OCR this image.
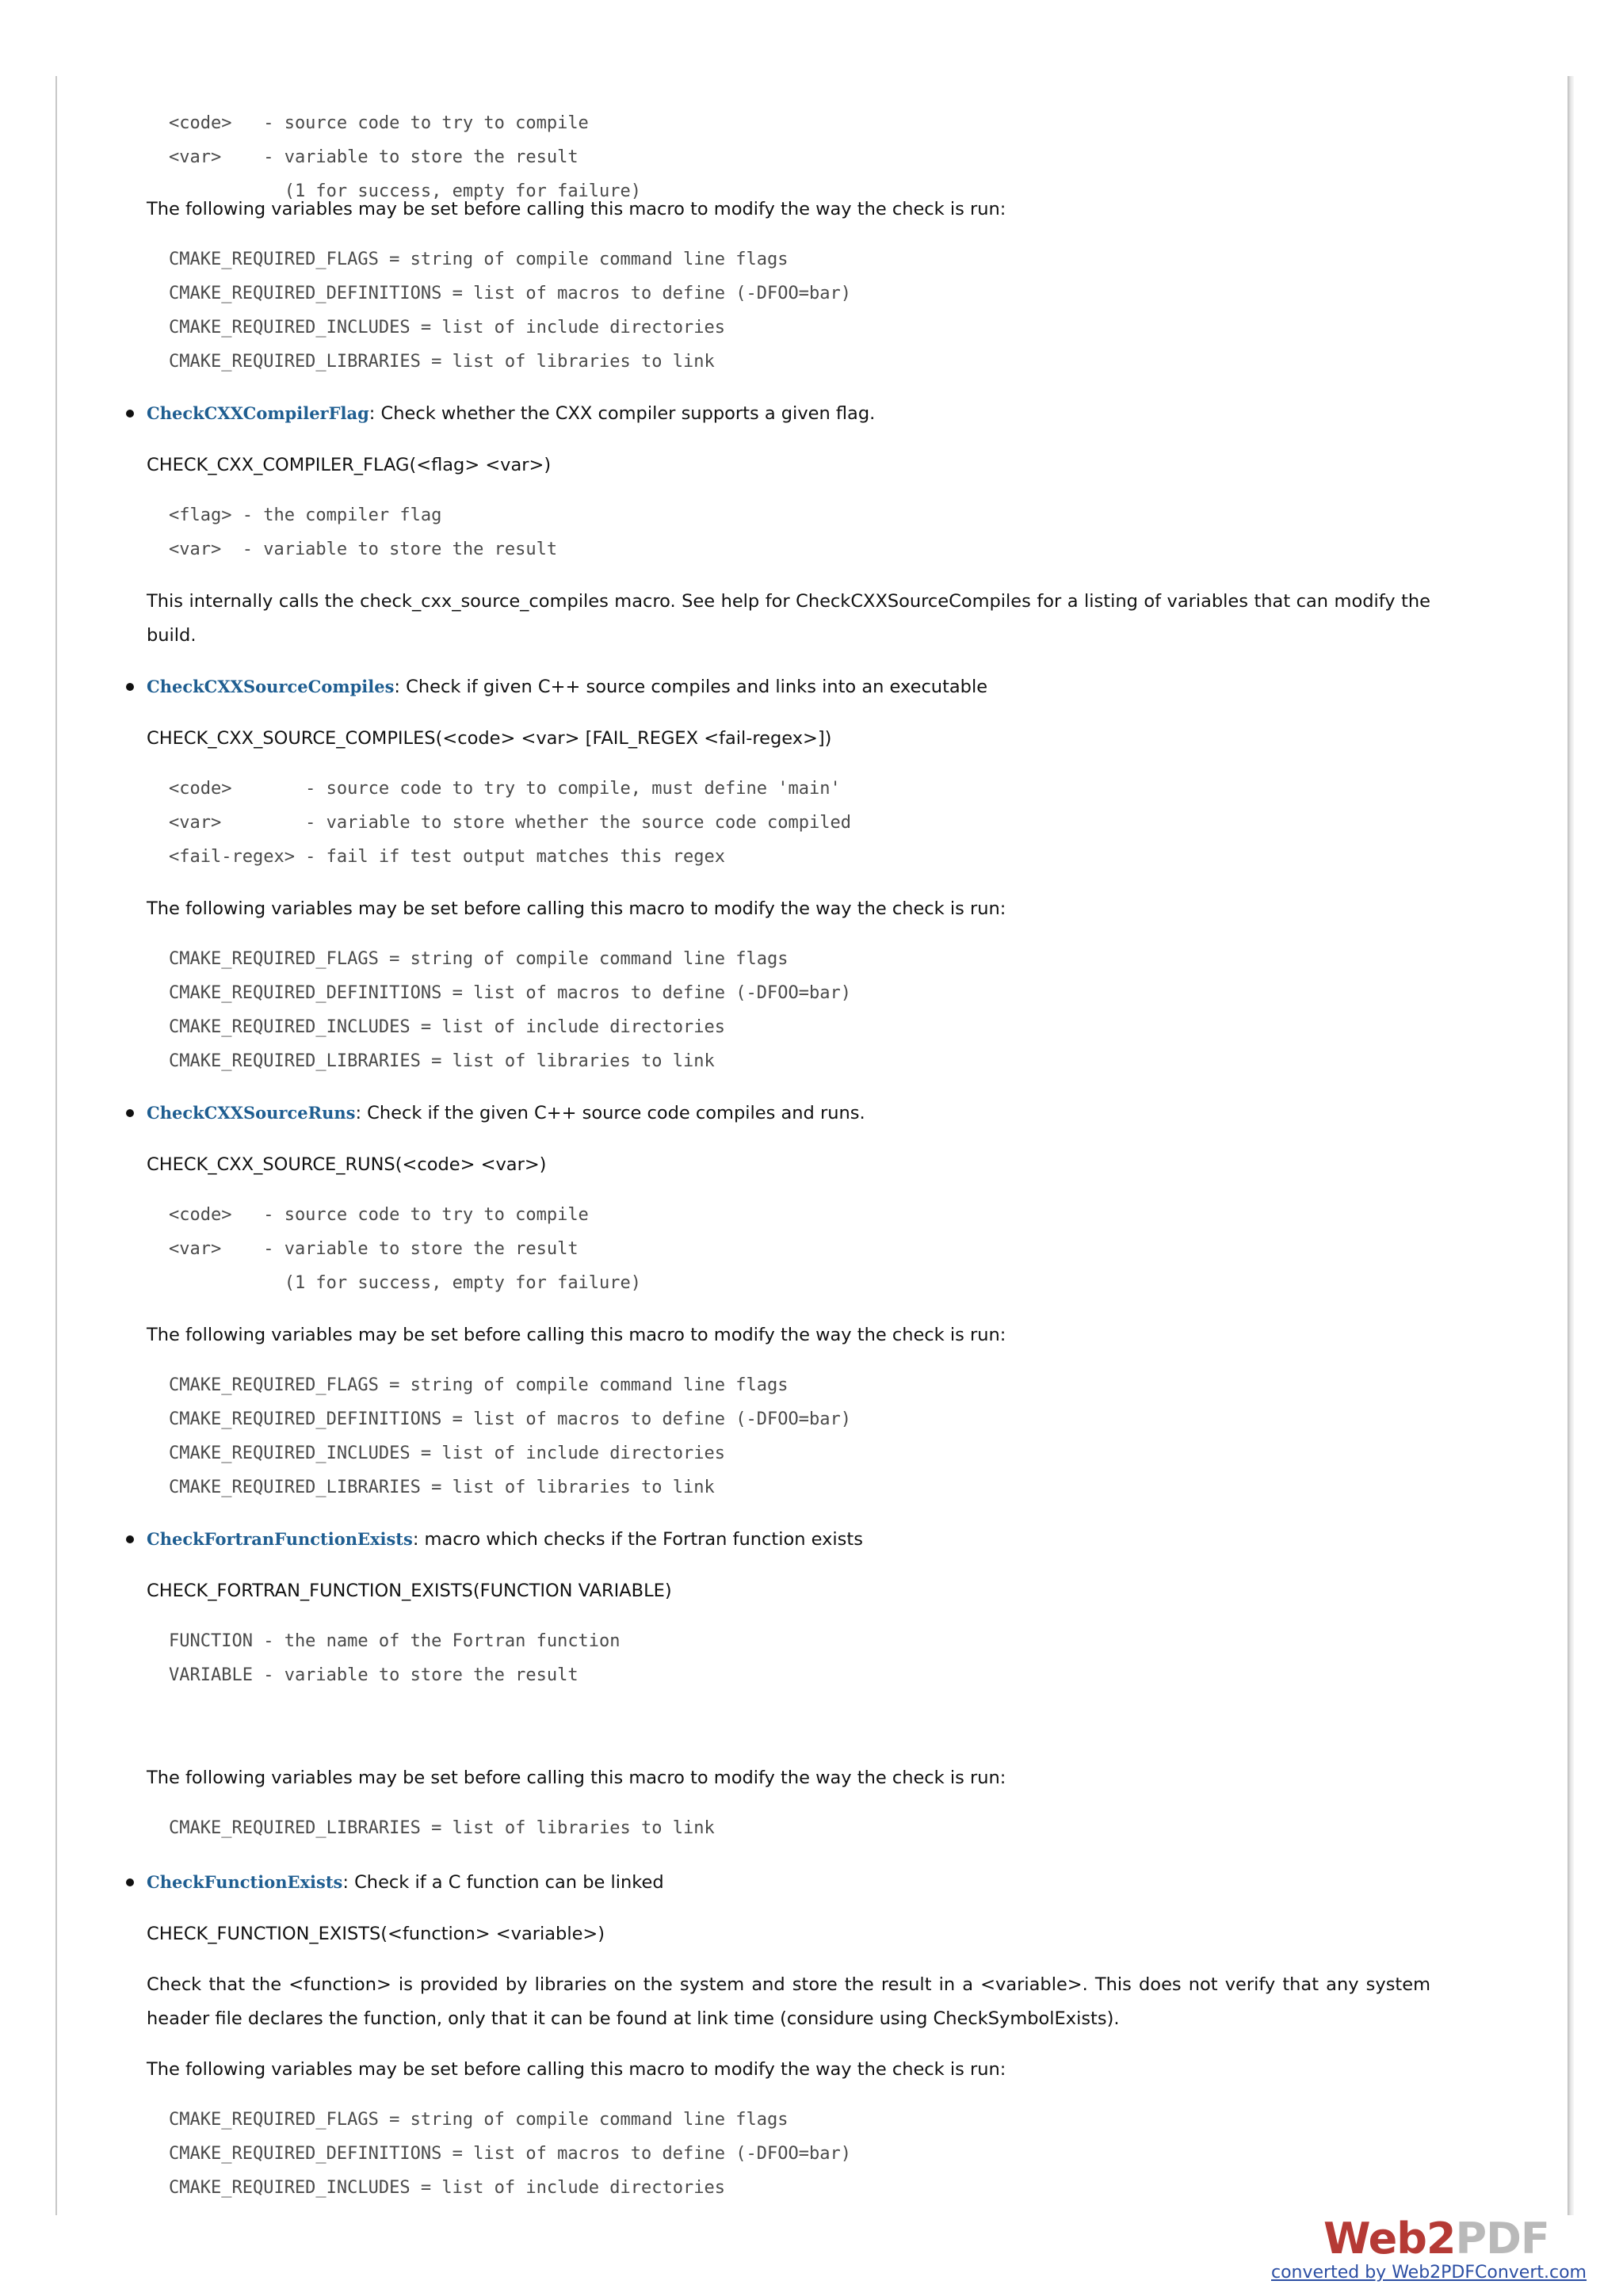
<code>   - source code to try to compile
<var>    - variable to store the result
(1 for success, empty for failure)
The following variables may be set before calling this macro to modify the way the check is run:
CMAKE_REQUIRED_FLAGS = string of compile command line flags
CMAKE_REQUIRED_DEFINITIONS = list of macros to define (-DFOO=bar)
CMAKE_REQUIRED_INCLUDES = list of include directories
CMAKE_REQUIRED_LIBRARIES = list of libraries to link
CheckCXXCompilerFlag: Check whether the CXX compiler supports a given flag.
CHECK_CXX_COMPILER_FLAG(<flag> <var>)
<flag> - the compiler flag
<var>  - variable to store the result
This internally calls the check_cxx_source_compiles macro. See help for CheckCXXSourceCompiles for a listing of variables that can modify the build.
CheckCXXSourceCompiles: Check if given C++ source compiles and links into an executable
CHECK_CXX_SOURCE_COMPILES(<code> <var> [FAIL_REGEX <fail-regex>])
<code>       - source code to try to compile, must define 'main'
<var>        - variable to store whether the source code compiled
<fail-regex> - fail if test output matches this regex
The following variables may be set before calling this macro to modify the way the check is run:
CMAKE_REQUIRED_FLAGS = string of compile command line flags
CMAKE_REQUIRED_DEFINITIONS = list of macros to define (-DFOO=bar)
CMAKE_REQUIRED_INCLUDES = list of include directories
CMAKE_REQUIRED_LIBRARIES = list of libraries to link
CheckCXXSourceRuns: Check if the given C++ source code compiles and runs.
CHECK_CXX_SOURCE_RUNS(<code> <var>)
<code>   - source code to try to compile
<var>    - variable to store the result
(1 for success, empty for failure)
The following variables may be set before calling this macro to modify the way the check is run:
CMAKE_REQUIRED_FLAGS = string of compile command line flags
CMAKE_REQUIRED_DEFINITIONS = list of macros to define (-DFOO=bar)
CMAKE_REQUIRED_INCLUDES = list of include directories
CMAKE_REQUIRED_LIBRARIES = list of libraries to link
CheckFortranFunctionExists: macro which checks if the Fortran function exists
CHECK_FORTRAN_FUNCTION_EXISTS(FUNCTION VARIABLE)
FUNCTION - the name of the Fortran function
VARIABLE - variable to store the result
The following variables may be set before calling this macro to modify the way the check is run:
CMAKE_REQUIRED_LIBRARIES = list of libraries to link
CheckFunctionExists: Check if a C function can be linked
CHECK_FUNCTION_EXISTS(<function> <variable>)
Check that the <function> is provided by libraries on the system and store the result in a <variable>. This does not verify that any system header file declares the function, only that it can be found at link time (considure using CheckSymbolExists).
The following variables may be set before calling this macro to modify the way the check is run:
CMAKE_REQUIRED_FLAGS = string of compile command line flags
CMAKE_REQUIRED_DEFINITIONS = list of macros to define (-DFOO=bar)
CMAKE_REQUIRED_INCLUDES = list of include directories
Web2PDF
converted by Web2PDFConvert.com
